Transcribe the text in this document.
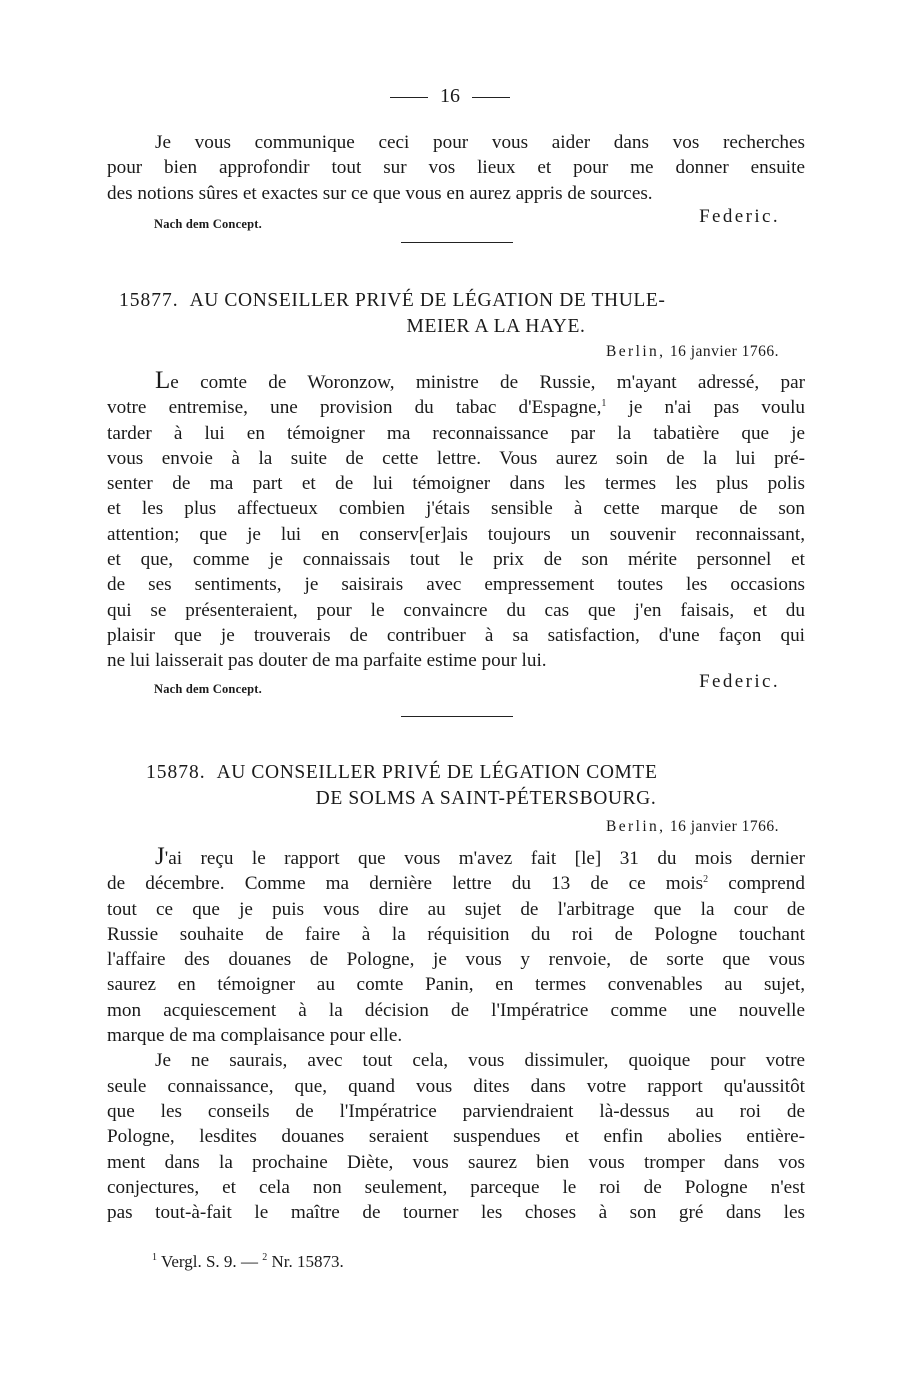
16
Je vous communique ceci pour vous aider dans vos recherches
pour bien approfondir tout sur vos lieux et pour me donner ensuite
des notions sûres et exactes sur ce que vous en aurez appris de sources.
Nach dem Concept.	Federic.
15877. AU CONSEILLER PRIVÉ DE LÉGATION DE THULE-
MEIER A LA HAYE.
Berlin, 16 janvier 1766.
Le comte de Woronzow, ministre de Russie, m'ayant adressé, par
votre entremise, une provision du tabac d'Espagne,$^1$ je n'ai pas voulu
tarder à lui en témoigner ma reconnaissance par la tabatière que je
vous envoie à la suite de cette lettre. Vous aurez soin de la lui pré-
senter de ma part et de lui témoigner dans les termes les plus polis
et les plus affectueux combien j'étais sensible à cette marque de son
attention; que je lui en conserv[er]ais toujours un souvenir reconnaissant,
et que, comme je connaissais tout le prix de son mérite personnel et
de ses sentiments, je saisirais avec empressement toutes les occasions
qui se présenteraient, pour le convaincre du cas que j'en faisais, et du
plaisir que je trouverais de contribuer à sa satisfaction, d'une façon qui
ne lui laisserait pas douter de ma parfaite estime pour lui.
Nach dem Concept.	Federic.
15878. AU CONSEILLER PRIVÉ DE LÉGATION COMTE
DE SOLMS A SAINT-PÉTERSBOURG.
Berlin, 16 janvier 1766.
J'ai reçu le rapport que vous m'avez fait [le] 31 du mois dernier
de décembre. Comme ma dernière lettre du 13 de ce mois$^2$ comprend
tout ce que je puis vous dire au sujet de l'arbitrage que la cour de
Russie souhaite de faire à la réquisition du roi de Pologne touchant
l'affaire des douanes de Pologne, je vous y renvoie, de sorte que vous
saurez en témoigner au comte Panin, en termes convenables au sujet,
mon acquiescement à la décision de l'Impératrice comme une nouvelle
marque de ma complaisance pour elle.
Je ne saurais, avec tout cela, vous dissimuler, quoique pour votre
seule connaissance, que, quand vous dites dans votre rapport qu'aussitôt
que les conseils de l'Impératrice parviendraient là-dessus au roi de
Pologne, lesdites douanes seraient suspendues et enfin abolies entière-
ment dans la prochaine Diète, vous saurez bien vous tromper dans vos
conjectures, et cela non seulement, parceque le roi de Pologne n'est
pas tout-à-fait le maître de tourner les choses à son gré dans les
$^1$ Vergl. S. 9. — $^2$ Nr. 15873.
